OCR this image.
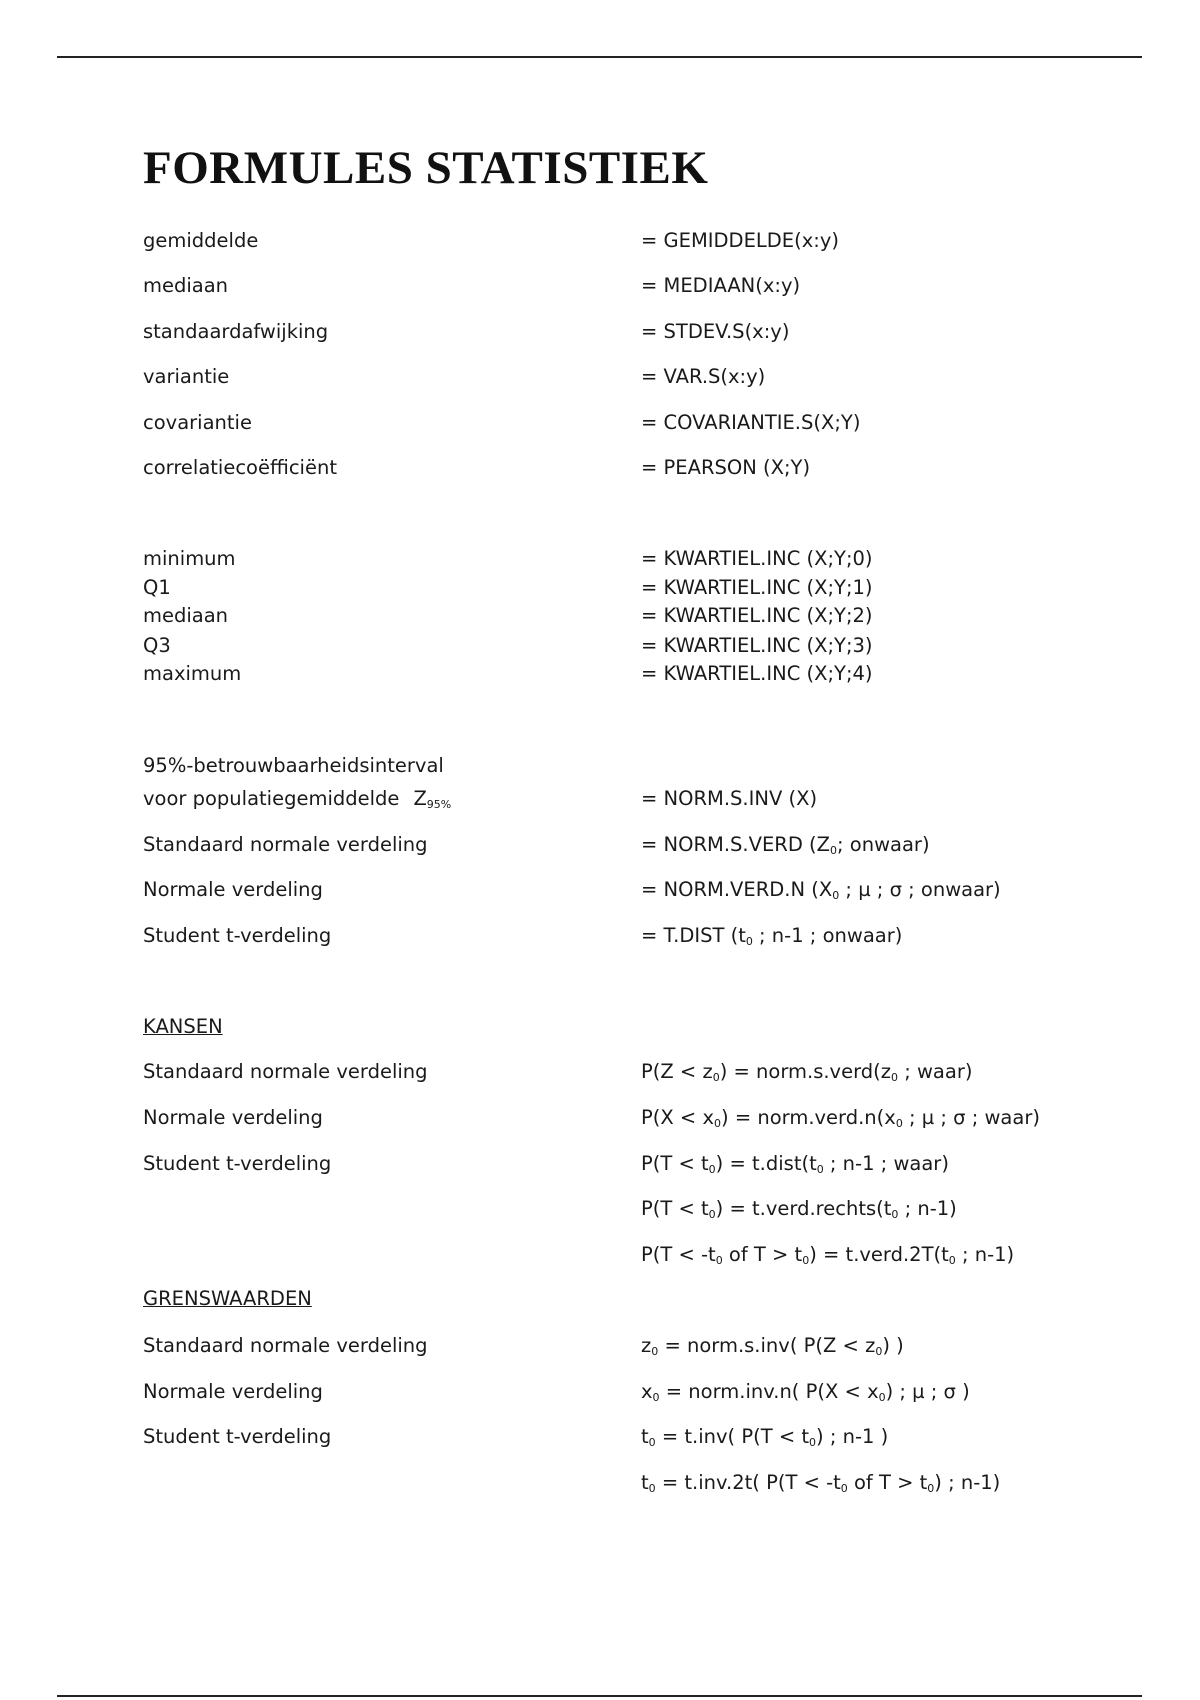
FORMULES STATISTIEK
gemiddelde	= GEMIDDELDE(x:y)
mediaan	= MEDIAAN(x:y)
standaardafwijking	= STDEV.S(x:y)
variantie	= VAR.S(x:y)
covariantie	= COVARIANTIE.S(X;Y)
correlatiecoëfficiënt	= PEARSON (X;Y)
minimum	= KWARTIEL.INC (X;Y;0)
Q1	= KWARTIEL.INC (X;Y;1)
mediaan	= KWARTIEL.INC (X;Y;2)
Q3	= KWARTIEL.INC (X;Y;3)
maximum	= KWARTIEL.INC (X;Y;4)
95%-betrouwbaarheidsinterval
voor populatiegemiddelde $Z_{95\%}$	= NORM.S.INV (X)
Standaard normale verdeling	= NORM.S.VERD ($Z_0$; onwaar)
Normale verdeling	= NORM.VERD.N ($X_0$ ; µ ; σ ; onwaar)
Student t-verdeling	= T.DIST ($t_0$ ; n-1 ; onwaar)
KANSEN
Standaard normale verdeling	$P(Z < z_0)$ = $norm.s.verd(z_0$ ; waar)
Normale verdeling	$P(X < x_0)$ = $norm.verd.n(x_0$ ; µ ; σ ; waar)
Student t-verdeling	$P(T < t_0)$ = $t.dist(t_0$ ; n-1 ; waar)
$P(T < t_0)$ = $t.verd.rechts(t_0$ ; n-1)
$P(T < -t_0$ of $T > t_0$) = $t.verd.2T(t_0$ ; n-1)
GRENSWAARDEN
Standaard normale verdeling	$z_0$ = norm.s.inv( $P(Z < z_0)$ )
Normale verdeling	$x_0$ = norm.inv.n( $P(X < x_0)$ ; µ ; σ )
Student t-verdeling	$t_0 = t.inv$( $P(T < t_0)$ ; n-1 )
$t_0 = t.inv.2t$( $P(T < -t_0$ of $T > t_0$) ; n-1)
